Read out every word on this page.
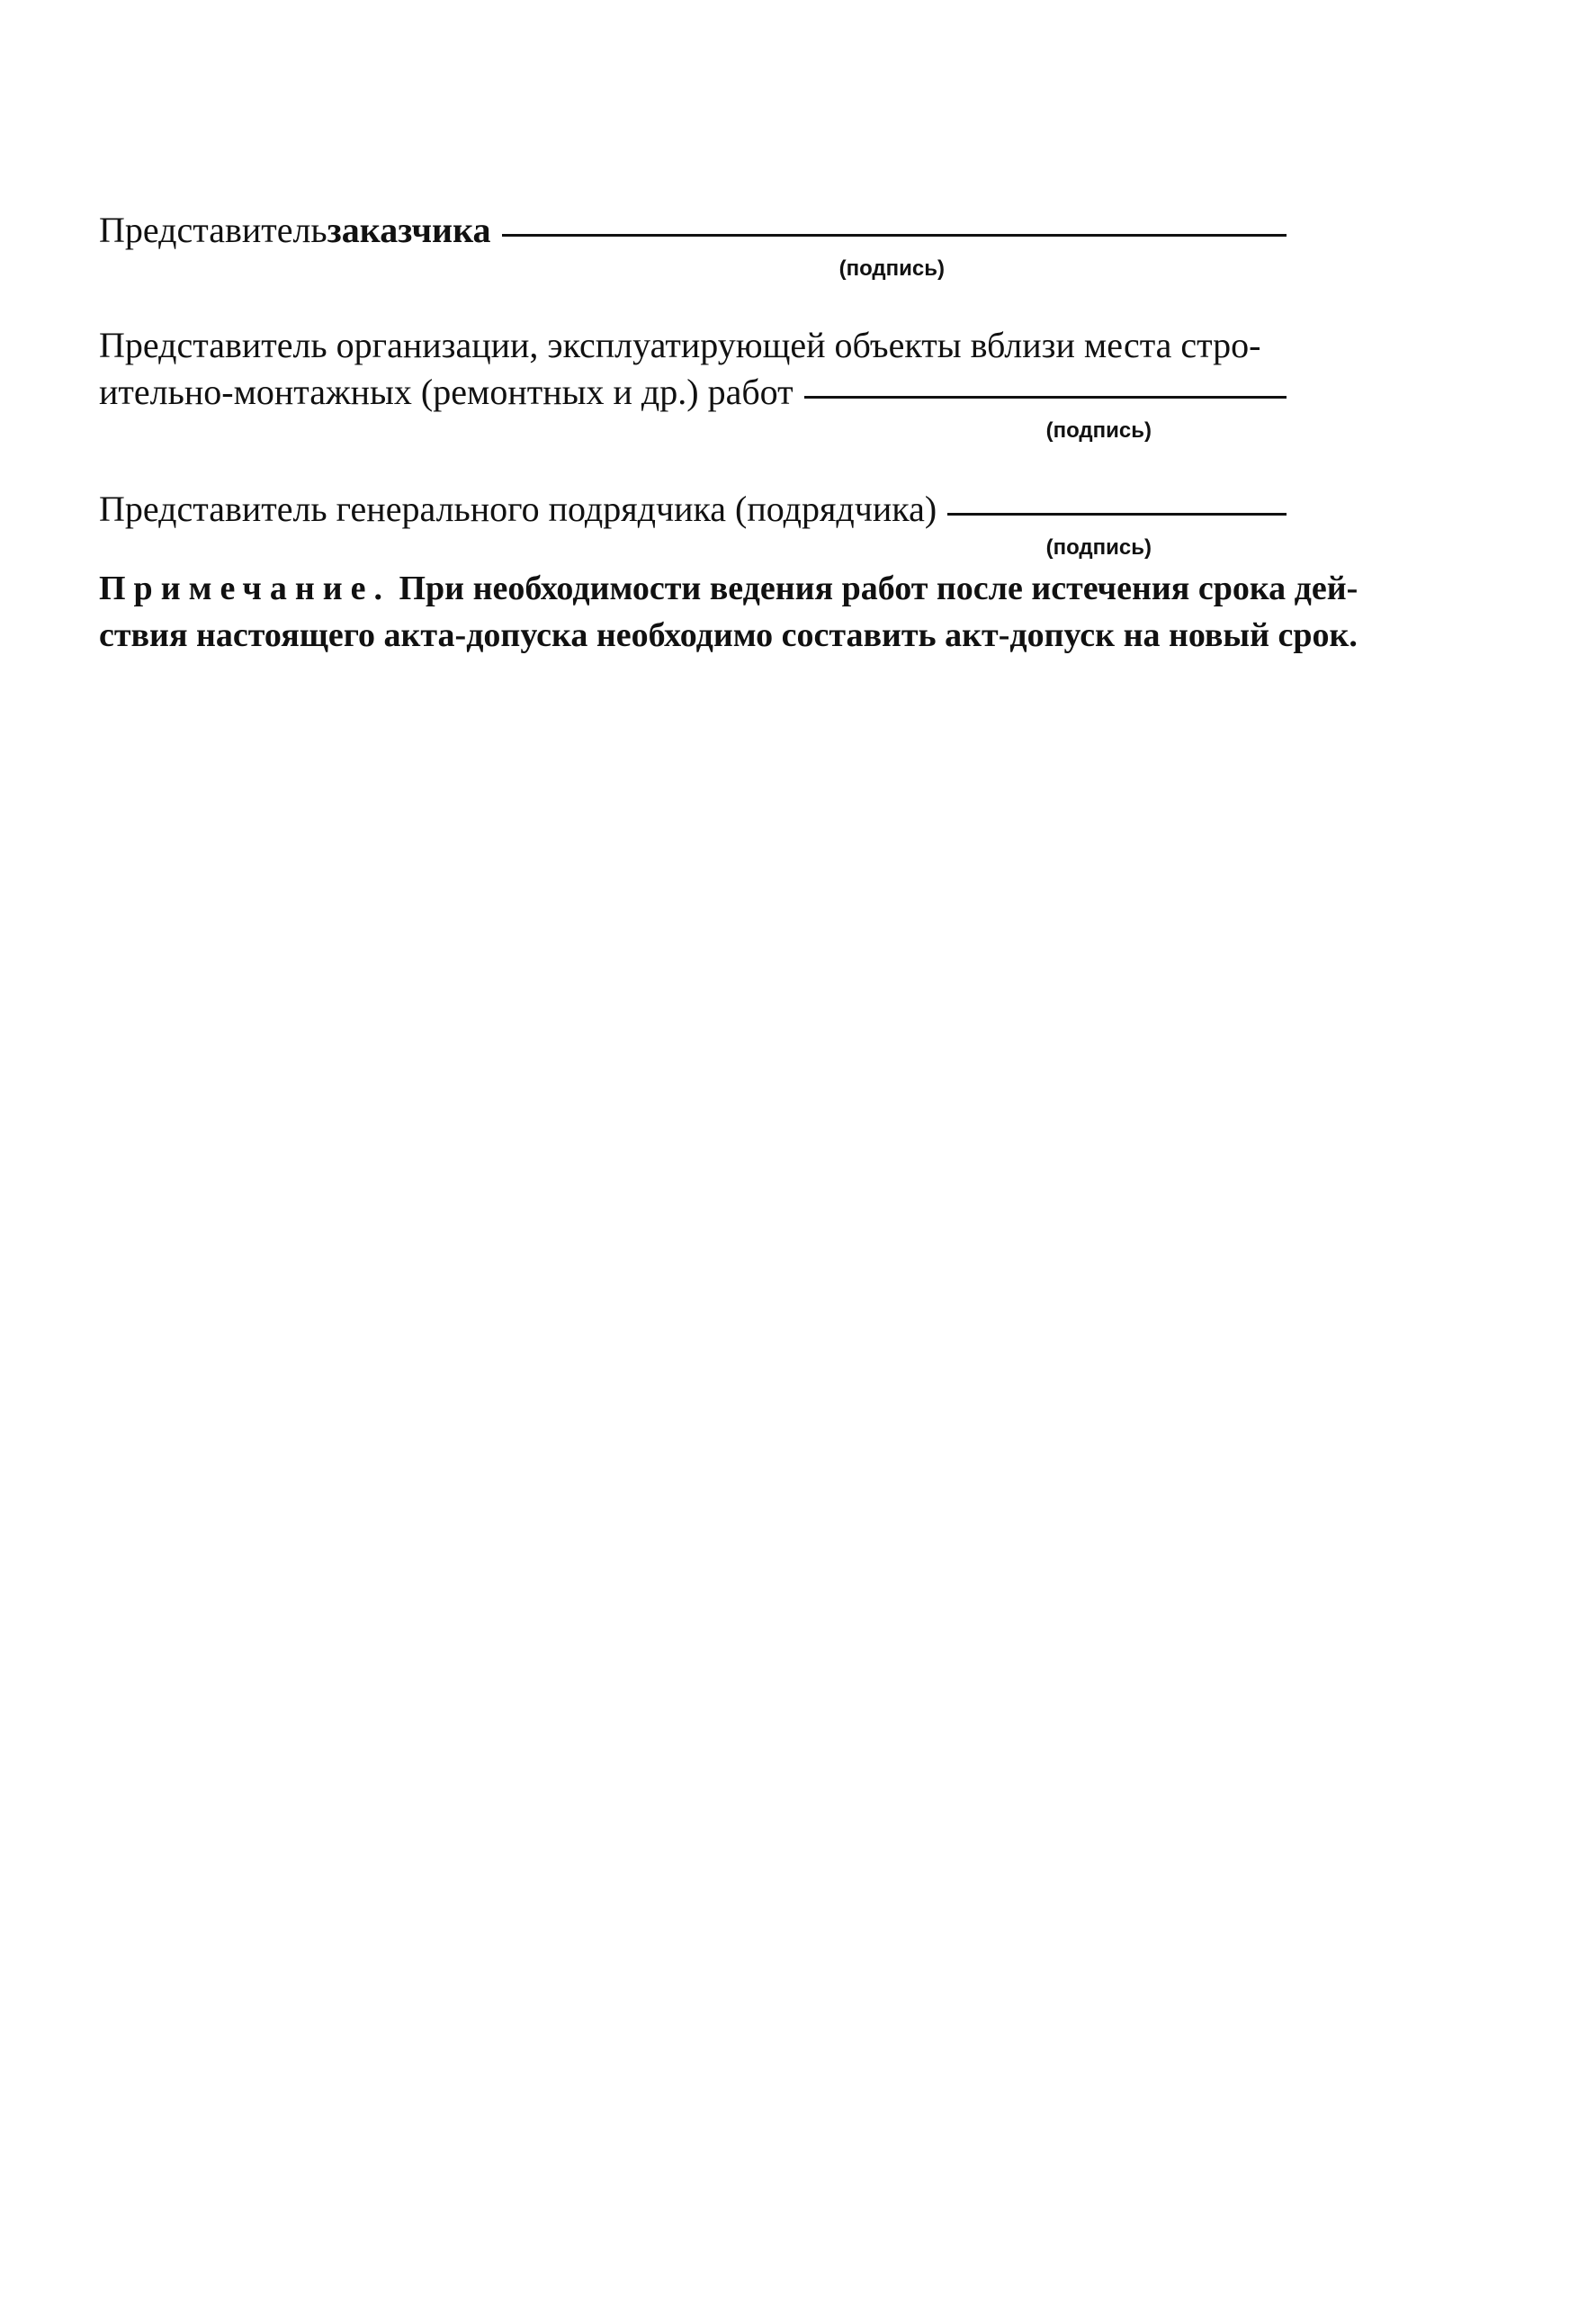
Представитель заказчика
(подпись)
Представитель организации, эксплуатирующей объекты вблизи места стро-
ительно-монтажных (ремонтных и др.) работ
(подпись)
Представитель генерального подрядчика (подрядчика)
(подпись)
Примечание. При необходимости ведения работ после истечения срока дей-
ствия настоящего акта-допуска необходимо составить акт-допуск на новый срок.
